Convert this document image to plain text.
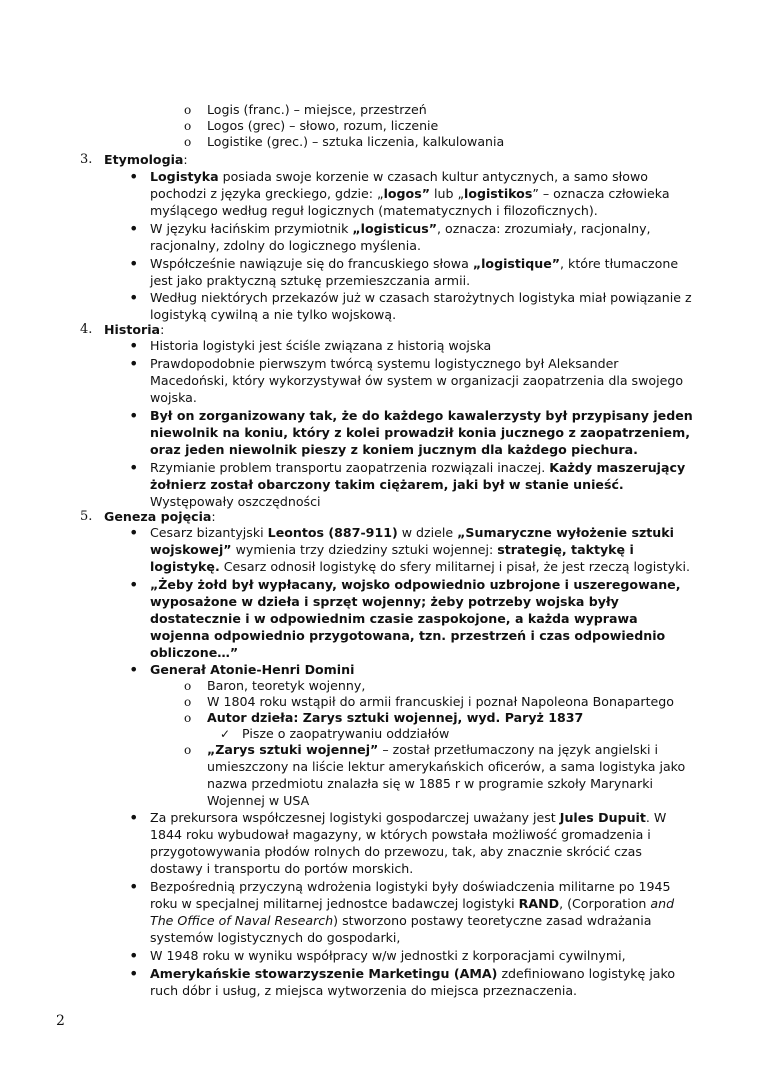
o Logis (franc.) – miejsce, przestrzeń
o Logos (grec) – słowo, rozum, liczenie
o Logistike (grec.) – sztuka liczenia, kalkulowania
3. Etymologia:
• Logistyka posiada swoje korzenie w czasach kultur antycznych, a samo słowo
pochodzi z języka greckiego, gdzie: „logos” lub „logistikos” – oznacza człowieka
myślącego według reguł logicznych (matematycznych i filozoficznych).
• W języku łacińskim przymiotnik „logisticus”, oznacza: zrozumiały, racjonalny,
racjonalny, zdolny do logicznego myślenia.
• Współcześnie nawiązuje się do francuskiego słowa „logistique”, które tłumaczone
jest jako praktyczną sztukę przemieszczania armii.
• Według niektórych przekazów już w czasach starożytnych logistyka miał powiązanie z
logistyką cywilną a nie tylko wojskową.
4. Historia:
• Historia logistyki jest ściśle związana z historią wojska
• Prawdopodobnie pierwszym twórcą systemu logistycznego był Aleksander
Macedoński, który wykorzystywał ów system w organizacji zaopatrzenia dla swojego
wojska.
• Był on zorganizowany tak, że do każdego kawalerzysty był przypisany jeden
niewolnik na koniu, który z kolei prowadził konia jucznego z zaopatrzeniem,
oraz jeden niewolnik pieszy z koniem jucznym dla każdego piechura.
• Rzymianie problem transportu zaopatrzenia rozwiązali inaczej. Każdy maszerujący
żołnierz został obarczony takim ciężarem, jaki był w stanie unieść.
Występowały oszczędności
5. Geneza pojęcia:
• Cesarz bizantyjski Leontos (887-911) w dziele „Sumaryczne wyłożenie sztuki
wojskowej” wymienia trzy dziedziny sztuki wojennej: strategię, taktykę i
logistykę. Cesarz odnosił logistykę do sfery militarnej i pisał, że jest rzeczą logistyki.
• „Żeby żołd był wypłacany, wojsko odpowiednio uzbrojone i uszeregowane,
wyposażone w dzieła i sprzęt wojenny; żeby potrzeby wojska były
dostatecznie i w odpowiednim czasie zaspokojone, a każda wyprawa
wojenna odpowiednio przygotowana, tzn. przestrzeń i czas odpowiednio
obliczone…”
• Generał Atonie-Henri Domini
o Baron, teoretyk wojenny,
o W 1804 roku wstąpił do armii francuskiej i poznał Napoleona Bonapartego
o Autor dzieła: Zarys sztuki wojennej, wyd. Paryż 1837
✓ Pisze o zaopatrywaniu oddziałów
o „Zarys sztuki wojennej” – został przetłumaczony na język angielski i
umieszczony na liście lektur amerykańskich oficerów, a sama logistyka jako
nazwa przedmiotu znalazła się w 1885 r w programie szkoły Marynarki
Wojennej w USA
• Za prekursora współczesnej logistyki gospodarczej uważany jest Jules Dupuit. W
1844 roku wybudował magazyny, w których powstała możliwość gromadzenia i
przygotowywania płodów rolnych do przewozu, tak, aby znacznie skrócić czas
dostawy i transportu do portów morskich.
• Bezpośrednią przyczyną wdrożenia logistyki były doświadczenia militarne po 1945
roku w specjalnej militarnej jednostce badawczej logistyki RAND, (Corporation and
The Office of Naval Research) stworzono postawy teoretyczne zasad wdrażania
systemów logistycznych do gospodarki,
• W 1948 roku w wyniku współpracy w/w jednostki z korporacjami cywilnymi,
• Amerykańskie stowarzyszenie Marketingu (AMA) zdefiniowano logistykę jako
ruch dóbr i usług, z miejsca wytworzenia do miejsca przeznaczenia.
2
